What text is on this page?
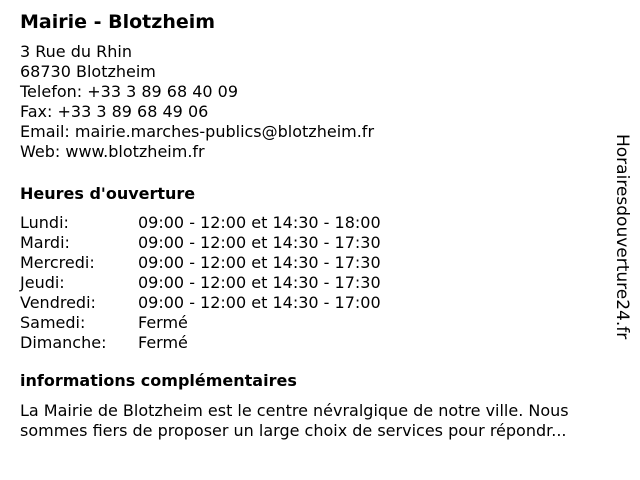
Mairie - Blotzheim
3 Rue du Rhin
68730 Blotzheim
Telefon: +33 3 89 68 40 09
Fax: +33 3 89 68 49 06
Email: mairie.marches-publics@blotzheim.fr
Web: www.blotzheim.fr
Heures d'ouverture
Lundi:	09:00 - 12:00 et 14:30 - 18:00
Mardi:	09:00 - 12:00 et 14:30 - 17:30
Mercredi:	09:00 - 12:00 et 14:30 - 17:30
Jeudi:	09:00 - 12:00 et 14:30 - 17:30
Vendredi:	09:00 - 12:00 et 14:30 - 17:00
Samedi:	Fermé
Dimanche:	Fermé
informations complémentaires

La Mairie de Blotzheim est le centre névralgique de notre ville. Nous sommes fiers de proposer un large choix de services pour répondr...

Horairesdouverture24.fr
